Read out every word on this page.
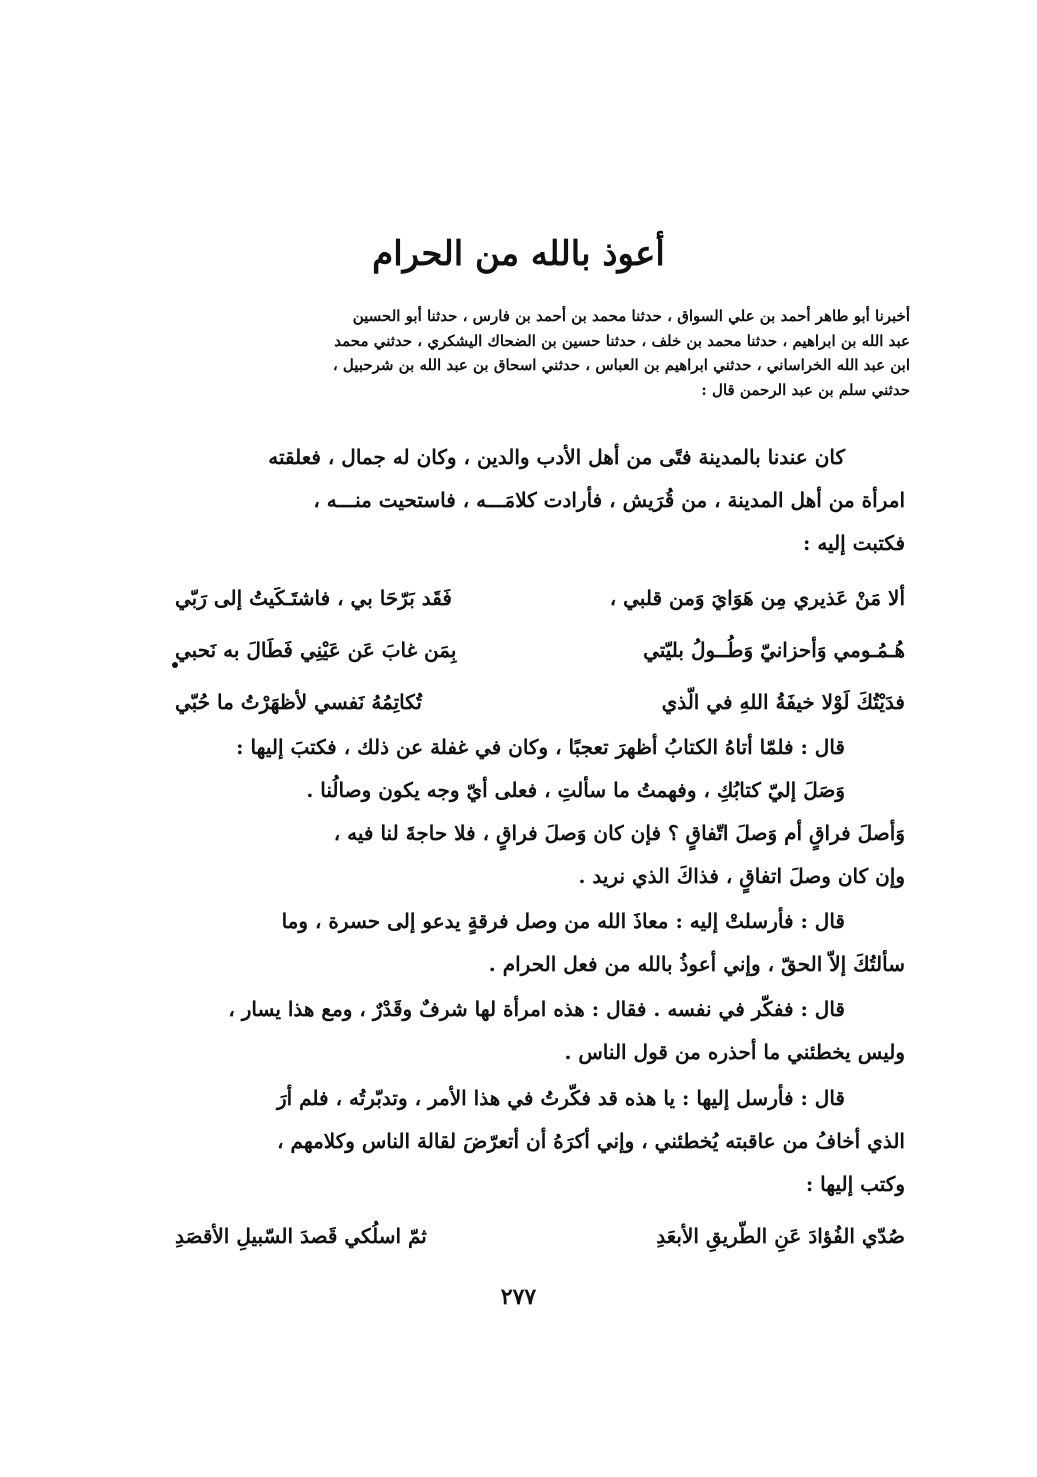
أعوذ بالله من الحرام
أخبرنا أبو طاهر أحمد بن علي السواق ، حدثنا محمد بن أحمد بن فارس ، حدثنا أبو الحسين
عبد الله بن ابراهيم ، حدثنا محمد بن خلف ، حدثنا حسين بن الضحاك اليشكري ، حدثني محمد
ابن عبد الله الخراساني ، حدثني ابراهيم بن العباس ، حدثني اسحاق بن عبد الله بن شرحبيل ،
حدثني سلم بن عبد الرحمن قال :
كان عندنا بالمدينة فتًى من أهل الأدب والدين ، وكان له جمال ، فعلقته
امرأة من أهل المدينة ، من قُرَيش ، فأرادت كلامَـــه ، فاستحيت منـــه ،
فكتبت إليه :
ألا مَنْ عَذيري مِن هَوَايَ وَمن قلبي ،
فَقَد بَرّحَا بي ، فاشتَـكَيتُ إلى رَبّي
هُـمُـومي وَأحزانيّ وَطُــولُ بليّتي
بِمَن غابَ عَن عَيْنِي فَطَالَ به نَحبي
فدَيْتُكَ لَوْلا خيفَةُ اللهِ في الّذي
تُكاتِمُهُ نَفسي لأظهَرْتُ ما حُبّي
قال : فلمّا أتاهُ الكتابُ أظهرَ تعجبًا ، وكان في غفلة عن ذلك ، فكتبَ إليها :
وَصَلَ إليّ كتابُكِ ، وفهمتُ ما سألتِ ، فعلى أيّ وجه يكون وصالُنا .
وَأصلَ فراقٍ أم وَصلَ اتّفاقٍ ؟ فإن كان وَصلَ فراقٍ ، فلا حاجةَ لنا فيه ،
وإن كان وصلَ اتفاقٍ ، فذاكَ الذي نريد .
قال : فأرسلتْ إليه : معاذَ الله من وصل فرقةٍ يدعو إلى حسرة ، وما
سألتُكَ إلاّ الحقّ ، وإني أعوذُ بالله من فعل الحرام .
قال : ففكّر في نفسه . فقال : هذه امرأة لها شرفٌ وقَدْرٌ ، ومع هذا يسار ،
وليس يخطئني ما أحذره من قول الناس .
قال : فأرسل إليها : يا هذه قد فكّرتُ في هذا الأمر ، وتدبّرتُه ، فلم أرَ
الذي أخافُ من عاقبته يُخطئني ، وإني أكرَهُ أن أتعرّضَ لقالة الناس وكلامهم ،
وكتب إليها :
صُدّي الفُؤادَ عَنِ الطّريقِ الأبعَدِ
ثمّ اسلُكي قَصدَ السّبيلِ الأقصَدِ
٢٧٧
